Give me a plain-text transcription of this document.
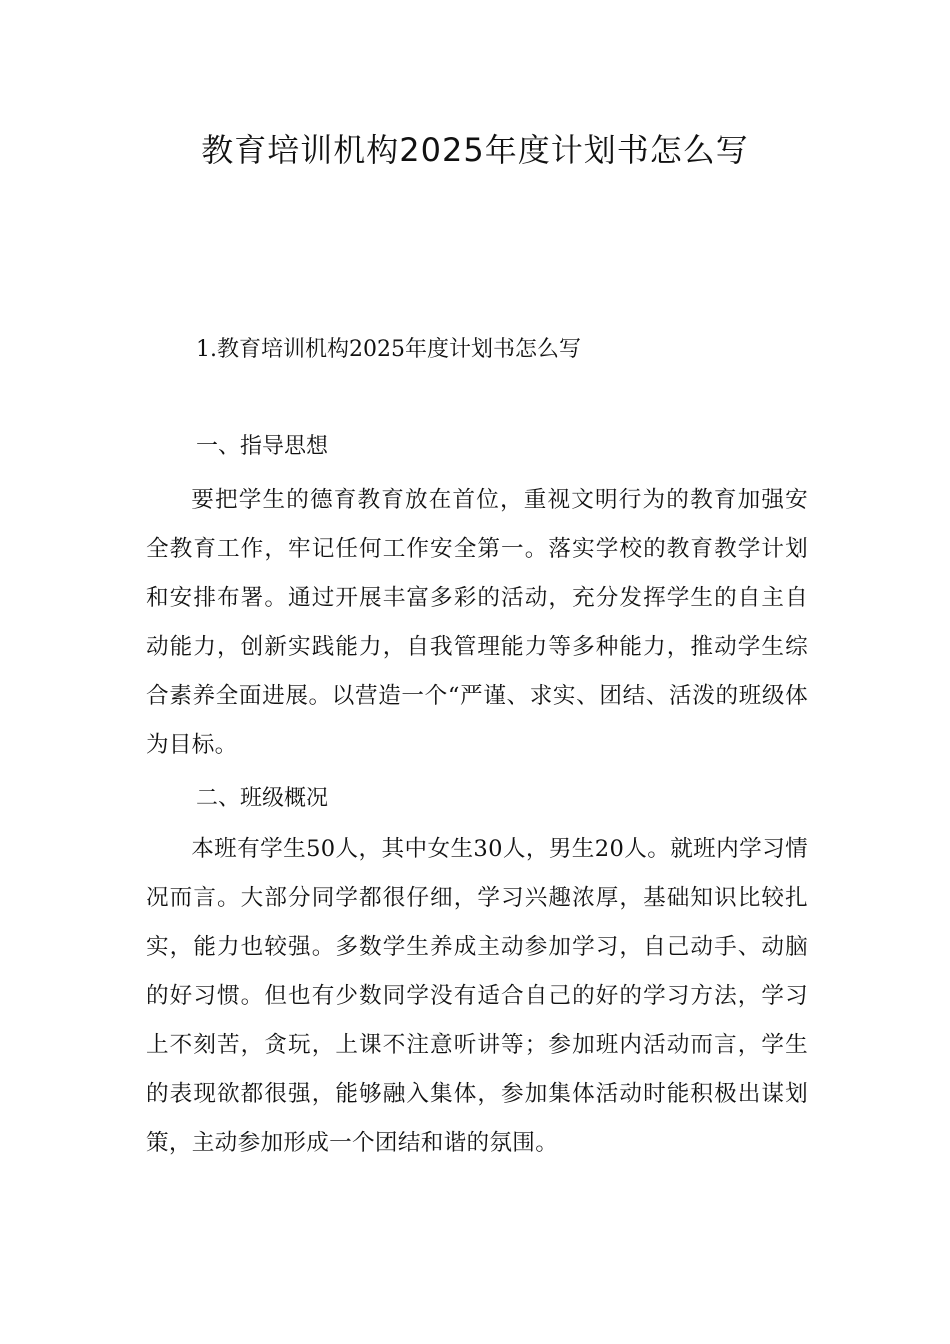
教育培训机构2025年度计划书怎么写

1.教育培训机构2025年度计划书怎么写

一、指导思想

要把学生的德育教育放在首位，重视文明行为的教育加强安全教育工作，牢记任何工作安全第一。落实学校的教育教学计划和安排布署。通过开展丰富多彩的活动，充分发挥学生的自主自动能力，创新实践能力，自我管理能力等多种能力，推动学生综合素养全面进展。以营造一个“严谨、求实、团结、活泼的班级体为目标。

二、班级概况

本班有学生50人，其中女生30人，男生20人。就班内学习情况而言。大部分同学都很仔细，学习兴趣浓厚，基础知识比较扎实，能力也较强。多数学生养成主动参加学习，自己动手、动脑的好习惯。但也有少数同学没有适合自己的好的学习方法，学习上不刻苦，贪玩，上课不注意听讲等；参加班内活动而言，学生的表现欲都很强，能够融入集体，参加集体活动时能积极出谋划策，主动参加形成一个团结和谐的氛围。
